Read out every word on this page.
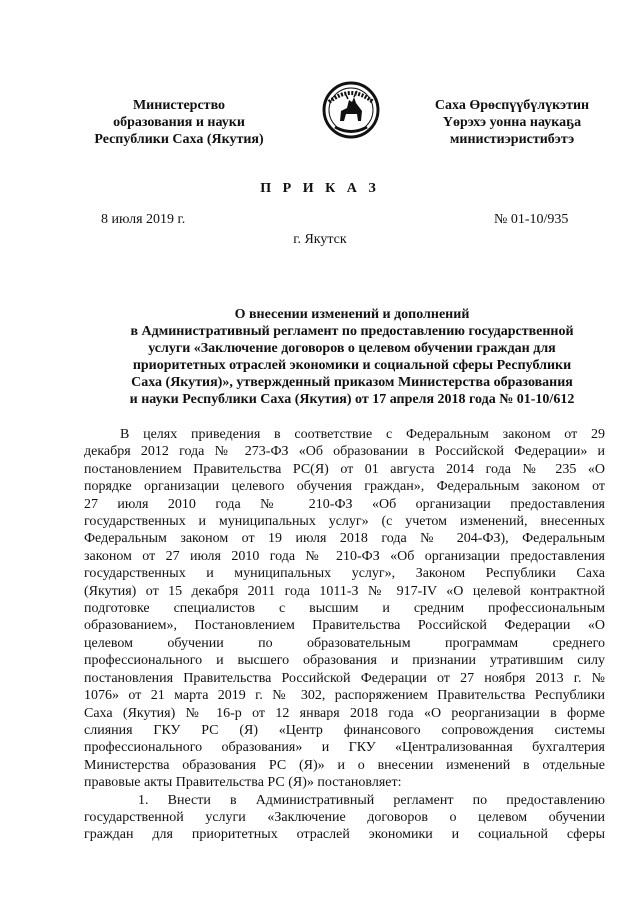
Министерство
образования и науки
Республики Саха (Якутия)
Саха Өрөспүүбүлүкэтин
Үөрэхэ уонна наукаҕа
министиэристибэтэ
П Р И К А З
8 июля 2019 г.	№ 01-10/935
г. Якутск
О внесении изменений и дополнений
в Административный регламент по предоставлению государственной
услуги «Заключение договоров о целевом обучении граждан для
приоритетных отраслей экономики и социальной сферы Республики
Саха (Якутия)», утвержденный приказом Министерства образования
и науки Республики Саха (Якутия) от 17 апреля 2018 года № 01-10/612

В целях приведения в соответствие с Федеральным законом от 29

декабря 2012 года № 273-ФЗ «Об образовании в Российской Федерации» и

постановлением Правительства РС(Я) от 01 августа 2014 года № 235 «О

порядке организации целевого обучения граждан», Федеральным законом от

27 июля 2010 года № 210-ФЗ «Об организации предоставления

государственных и муниципальных услуг» (с учетом изменений, внесенных

Федеральным законом от 19 июля 2018 года № 204-ФЗ), Федеральным

законом от 27 июля 2010 года № 210-ФЗ «Об организации предоставления

государственных и муниципальных услуг», Законом Республики Саха

(Якутия) от 15 декабря 2011 года 1011-З № 917-IV «О целевой контрактной

подготовке специалистов с высшим и средним профессиональным

образованием», Постановлением Правительства Российской Федерации «О

целевом обучении по образовательным программам среднего

профессионального и высшего образования и признании утратившим силу

постановления Правительства Российской Федерации от 27 ноября 2013 г. №

1076» от 21 марта 2019 г. № 302, распоряжением Правительства Республики

Саха (Якутия) № 16-р от 12 января 2018 года «О реорганизации в форме

слияния ГКУ РС (Я) «Центр финансового сопровождения системы

профессионального образования» и ГКУ «Централизованная бухгалтерия

Министерства образования РС (Я)» и о внесении изменений в отдельные

правовые акты Правительства РС (Я)» постановляет:

1. Внести в Административный регламент по предоставлению

государственной услуги «Заключение договоров о целевом обучении

граждан для приоритетных отраслей экономики и социальной сферы
